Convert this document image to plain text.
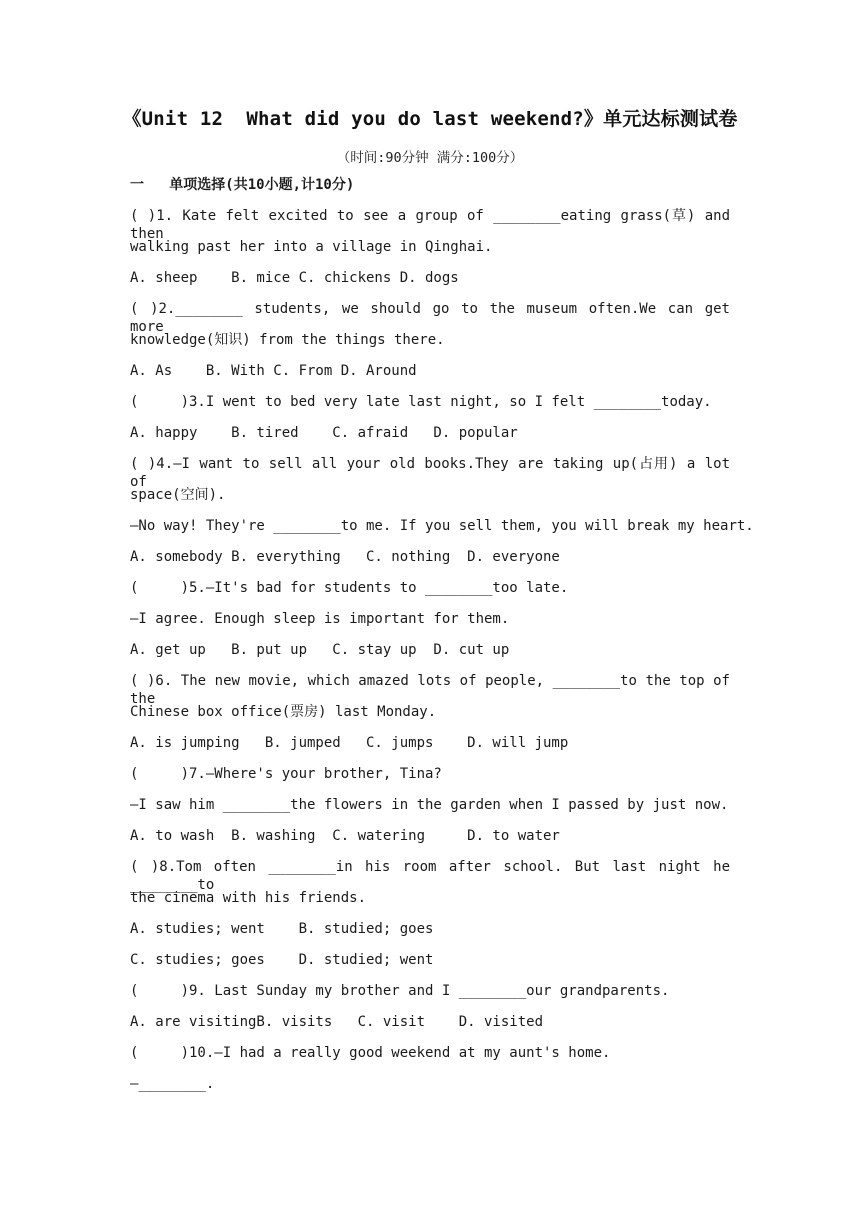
《Unit 12  What did you do last weekend?》单元达标测试卷
（时间:90分钟 满分:100分）
一   单项选择(共10小题,计10分)
( )1. Kate felt excited to see a group of ________eating grass(草) and then
walking past her into a village in Qinghai.
A. sheep    B. mice C. chickens D. dogs
( )2.________ students, we should go to the museum often.We can get more
knowledge(知识) from the things there.
A. As    B. With C. From D. Around
(     )3.I went to bed very late last night, so I felt ________today.
A. happy    B. tired    C. afraid   D. popular
( )4.—I want to sell all your old books.They are taking up(占用) a lot of
space(空间).
—No way! They're ________to me. If you sell them, you will break my heart.
A. somebody B. everything   C. nothing  D. everyone
(     )5.—It's bad for students to ________too late.
—I agree. Enough sleep is important for them.
A. get up   B. put up   C. stay up  D. cut up
( )6. The new movie, which amazed lots of people, ________to the top of the
Chinese box office(票房) last Monday.
A. is jumping   B. jumped   C. jumps    D. will jump
(     )7.—Where's your brother, Tina?
—I saw him ________the flowers in the garden when I passed by just now.
A. to wash  B. washing  C. watering     D. to water
( )8.Tom often ________in his room after school. But last night he ________to
the cinema with his friends.
A. studies; went    B. studied; goes
C. studies; goes    D. studied; went
(     )9. Last Sunday my brother and I ________our grandparents.
A. are visitingB. visits   C. visit    D. visited
(     )10.—I had a really good weekend at my aunt's home.
—________.
